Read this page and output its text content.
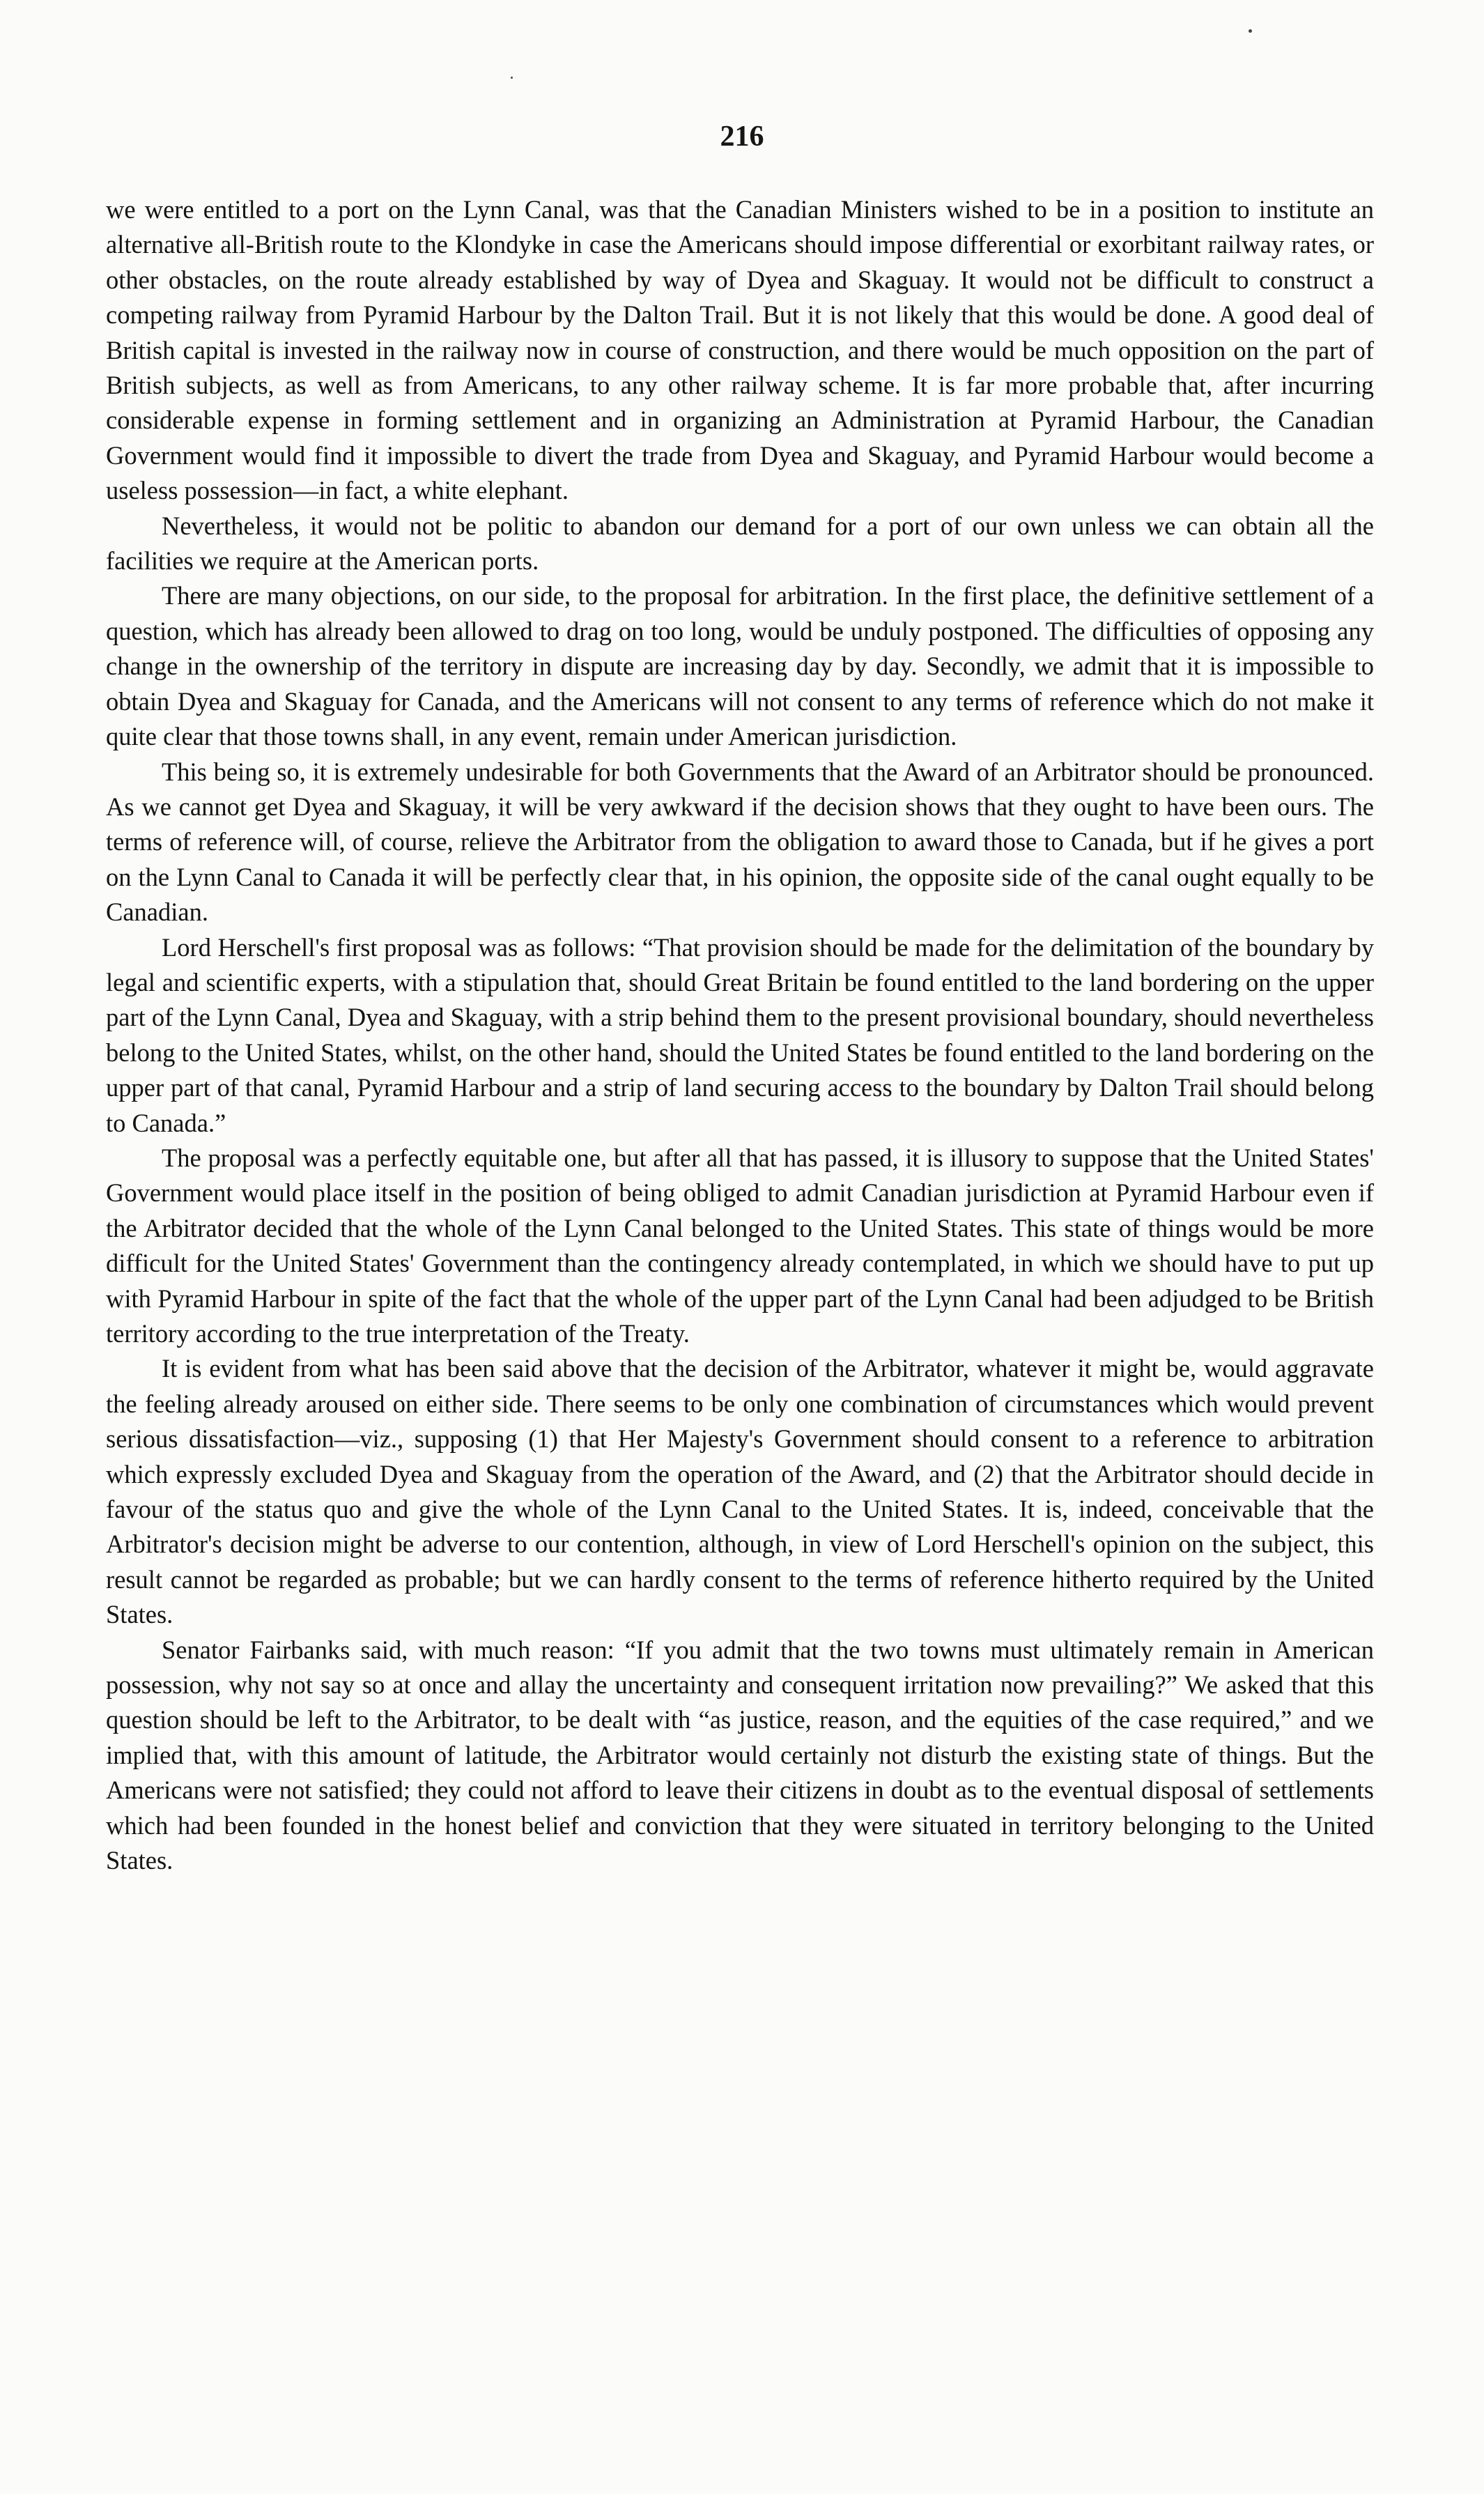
216

we were entitled to a port on the Lynn Canal, was that the Canadian Ministers wished to be in a position to institute an alternative all-British route to the Klondyke in case the Americans should impose differential or exorbitant railway rates, or other obstacles, on the route already established by way of Dyea and Skaguay. It would not be difficult to construct a competing railway from Pyramid Harbour by the Dalton Trail. But it is not likely that this would be done. A good deal of British capital is invested in the railway now in course of construction, and there would be much opposition on the part of British subjects, as well as from Americans, to any other railway scheme. It is far more probable that, after incurring considerable expense in forming settlement and in organizing an Administration at Pyramid Harbour, the Canadian Government would find it impossible to divert the trade from Dyea and Skaguay, and Pyramid Harbour would become a useless possession—in fact, a white elephant.

Nevertheless, it would not be politic to abandon our demand for a port of our own unless we can obtain all the facilities we require at the American ports.

There are many objections, on our side, to the proposal for arbitration. In the first place, the definitive settlement of a question, which has already been allowed to drag on too long, would be unduly postponed. The difficulties of opposing any change in the ownership of the territory in dispute are increasing day by day. Secondly, we admit that it is impossible to obtain Dyea and Skaguay for Canada, and the Americans will not consent to any terms of reference which do not make it quite clear that those towns shall, in any event, remain under American jurisdiction.

This being so, it is extremely undesirable for both Governments that the Award of an Arbitrator should be pronounced. As we cannot get Dyea and Skaguay, it will be very awkward if the decision shows that they ought to have been ours. The terms of reference will, of course, relieve the Arbitrator from the obligation to award those to Canada, but if he gives a port on the Lynn Canal to Canada it will be perfectly clear that, in his opinion, the opposite side of the canal ought equally to be Canadian.

Lord Herschell's first proposal was as follows: “That provision should be made for the delimitation of the boundary by legal and scientific experts, with a stipulation that, should Great Britain be found entitled to the land bordering on the upper part of the Lynn Canal, Dyea and Skaguay, with a strip behind them to the present provisional boundary, should nevertheless belong to the United States, whilst, on the other hand, should the United States be found entitled to the land bordering on the upper part of that canal, Pyramid Harbour and a strip of land securing access to the boundary by Dalton Trail should belong to Canada.”

The proposal was a perfectly equitable one, but after all that has passed, it is illusory to suppose that the United States' Government would place itself in the position of being obliged to admit Canadian jurisdiction at Pyramid Harbour even if the Arbitrator decided that the whole of the Lynn Canal belonged to the United States. This state of things would be more difficult for the United States' Government than the contingency already contemplated, in which we should have to put up with Pyramid Harbour in spite of the fact that the whole of the upper part of the Lynn Canal had been adjudged to be British territory according to the true interpretation of the Treaty.

It is evident from what has been said above that the decision of the Arbitrator, whatever it might be, would aggravate the feeling already aroused on either side. There seems to be only one combination of circumstances which would prevent serious dissatisfaction—viz., supposing (1) that Her Majesty's Government should consent to a reference to arbitration which expressly excluded Dyea and Skaguay from the operation of the Award, and (2) that the Arbitrator should decide in favour of the status quo and give the whole of the Lynn Canal to the United States. It is, indeed, conceivable that the Arbitrator's decision might be adverse to our contention, although, in view of Lord Herschell's opinion on the subject, this result cannot be regarded as probable; but we can hardly consent to the terms of reference hitherto required by the United States.

Senator Fairbanks said, with much reason: “If you admit that the two towns must ultimately remain in American possession, why not say so at once and allay the uncertainty and consequent irritation now prevailing?” We asked that this question should be left to the Arbitrator, to be dealt with “as justice, reason, and the equities of the case required,” and we implied that, with this amount of latitude, the Arbitrator would certainly not disturb the existing state of things. But the Americans were not satisfied; they could not afford to leave their citizens in doubt as to the eventual disposal of settlements which had been founded in the honest belief and conviction that they were situated in territory belonging to the United States.
